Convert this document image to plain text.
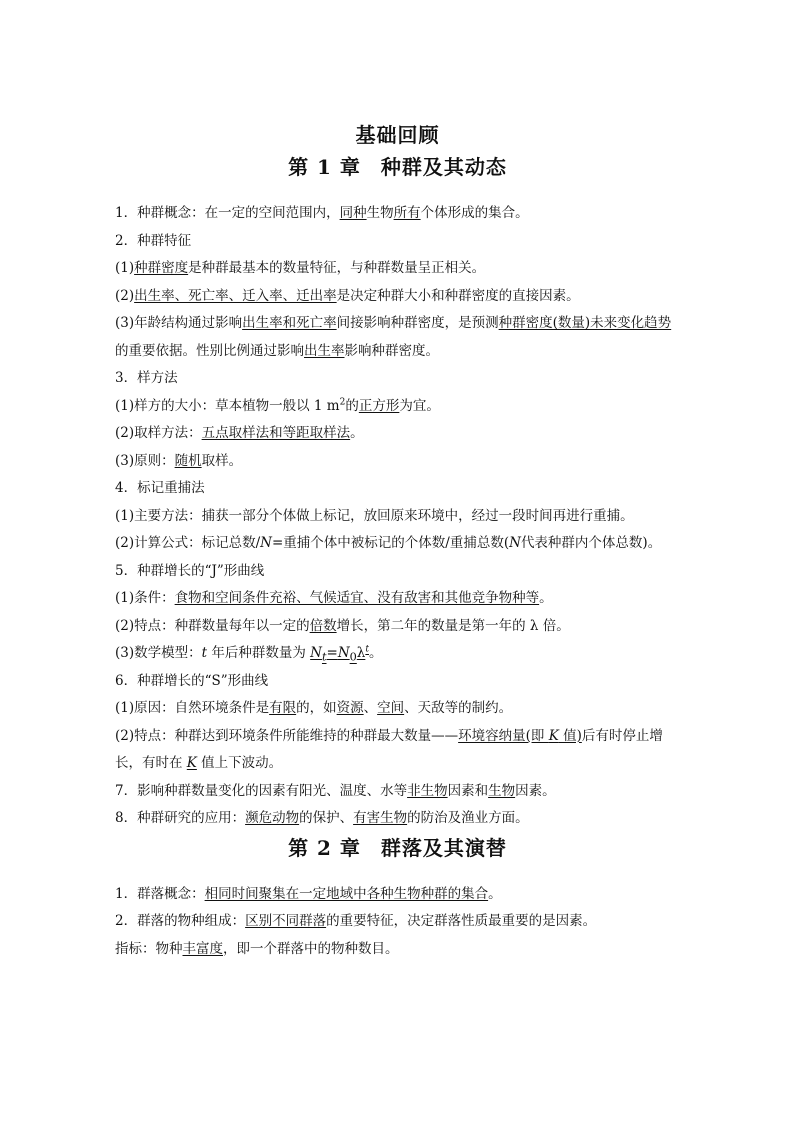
基础回顾
第 1 章 种群及其动态
1．种群概念：在一定的空间范围内，同种生物所有个体形成的集合。
2．种群特征
(1)种群密度是种群最基本的数量特征，与种群数量呈正相关。
(2)出生率、死亡率、迁入率、迁出率是决定种群大小和种群密度的直接因素。
(3)年龄结构通过影响出生率和死亡率间接影响种群密度，是预测种群密度(数量)未来变化趋势的重要依据。性别比例通过影响出生率影响种群密度。
3．样方法
(1)样方的大小：草本植物一般以 1 $m^2$的正方形为宜。
(2)取样方法：五点取样法和等距取样法。
(3)原则：随机取样。
4．标记重捕法
(1)主要方法：捕获一部分个体做上标记，放回原来环境中，经过一段时间再进行重捕。
(2)计算公式：标记总数/N=重捕个体中被标记的个体数/重捕总数(N代表种群内个体总数)。
5．种群增长的“J”形曲线
(1)条件：食物和空间条件充裕、气候适宜、没有敌害和其他竞争物种等。
(2)特点：种群数量每年以一定的倍数增长，第二年的数量是第一年的 λ 倍。
(3)数学模型：t 年后种群数量为 $N_t=N_0\lambda^t$。
6．种群增长的“S”形曲线
(1)原因：自然环境条件是有限的，如资源、空间、天敌等的制约。
(2)特点：种群达到环境条件所能维持的种群最大数量——环境容纳量(即 K 值)后有时停止增长，有时在 K 值上下波动。
7．影响种群数量变化的因素有阳光、温度、水等非生物因素和生物因素。
8．种群研究的应用：濒危动物的保护、有害生物的防治及渔业方面。
第 2 章 群落及其演替
1．群落概念：相同时间聚集在一定地域中各种生物种群的集合。
2．群落的物种组成：区别不同群落的重要特征，决定群落性质最重要的是因素。
指标：物种丰富度，即一个群落中的物种数目。
